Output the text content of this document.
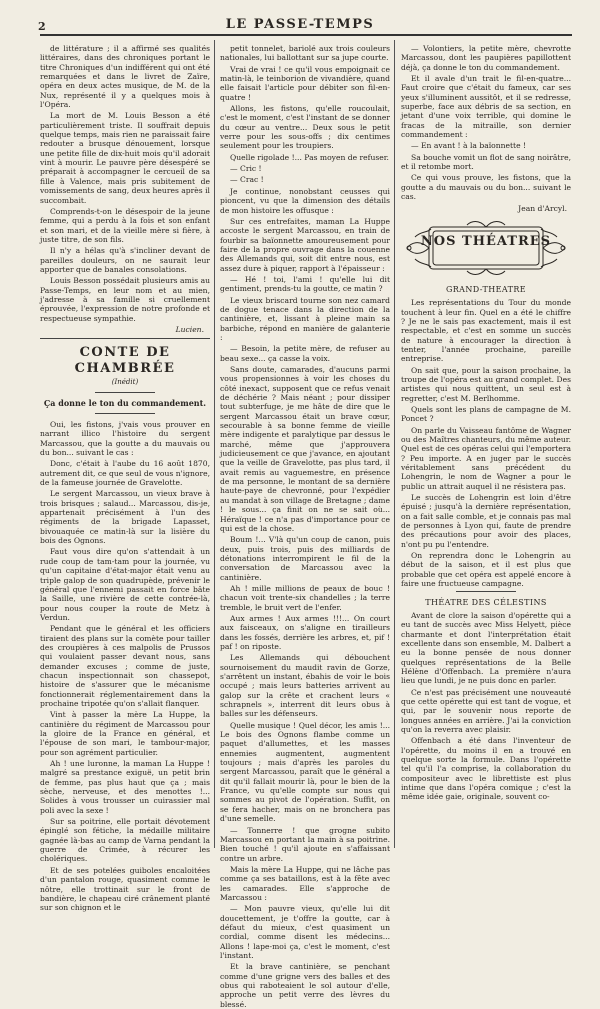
2	LE PASSE-TEMPS

de littérature ; il a affirmé ses qualités littéraires, dans des chroniques portant le titre Chroniques d'un indifférent qui ont été remarquées et dans le livret de Zaïre, opéra en deux actes musique, de M. de la Nux, représenté il y a quelques mois à l'Opéra.

La mort de M. Louis Besson a été particulièrement triste. Il souffrait depuis quelque temps, mais rien ne paraissait faire redouter a brusque dénouement, lorsque une petite fille de dix-huit mois qu'il adorait vint à mourir. Le pauvre père désespéré se préparait à accompagner le cercueil de sa fille à Valence, mais pris subitement de vomissements de sang, deux heures après il succombait.

Comprends-t-on le désespoir de la jeune femme, qui a perdu à la fois et son enfant et son mari, et de la vieille mère si fière, à juste titre, de son fils.

Il n'y a hélas qu'à s'incliner devant de pareilles douleurs, on ne saurait leur apporter que de banales consolations.

Louis Besson possédait plusieurs amis au Passe-Temps, en leur nom et au mien, j'adresse à sa famille si cruellement éprouvée, l'expression de notre profonde et respectueuse sympathie.

Lucien.

CONTE DE CHAMBRÉE

(Inédit)

Ça donne le ton du commandement.

Oui, les fistons, j'vais vous prouver en narrant illico l'histoire du sergent Marcassou, que la goutte a du mauvais ou du bon... suivant le cas :

Donc, c'était à l'aube du 16 août 1870, autrement dit, ce que seul de vous n'ignore, de la fameuse journée de Gravelotte.

Le sergent Marcassou, un vieux brave à trois brisques ; salaud... Marcassou, dis-je, appartenait précisément à l'un des régiments de la brigade Lapasset, bivouaquée ce matin-là sur la lisière du bois des Ognons.

Faut vous dire qu'on s'attendait à un rude coup de tam-tam pour la journée, vu qu'un capitaine d'état-major était venu au triple galop de son quadrupède, prévenir le général que l'ennemi passait en force bâte la Saille, une rivière de cette contrée-là, pour nous couper la route de Metz à Verdun.

Pendant que le général et les officiers tiraient des plans sur la comète pour tailler des croupières à ces malpolis de Prussos qui voulaient passer devant nous, sans demander excuses ; comme de juste, chacun inspectionnait son chassepot, histoire de s'assurer que le mécanisme fonctionnerait réglementairement dans la prochaine tripotée qu'on s'allait flanquer.

Vint à passer la mère La Huppe, la cantinière du régiment de Marcassou pour la gloire de la France en général, et l'épouse de son mari, le tambour-major, pour son agrément particulier.

Ah ! une luronne, la maman La Huppe ! malgré sa prestance exiguë, un petit brin de femme, pas plus haut que ça ; mais sèche, nerveuse, et des menottes !... Solides à vous trousser un cuirassier mal poli avec la sexe !

Sur sa poitrine, elle portait dévotement épinglé son fétiche, la médaille militaire gagnée là-bas au camp de Varna pendant la guerre de Crimée, à récurer les cholériques.

Et de ses potelées guiboles encaloitées d'un pantalon rouge, quasiment comme le nôtre, elle trottinait sur le front de bandière, le chapeau ciré crânement planté sur son chignon et le

petit tonnelet, bariolé aux trois couleurs nationales, lui ballottant sur sa jupe courte.

Vrai de vrai ! ce qu'il vous empoignait ce matin-là, le teinborion de vivandière, quand elle faisait l'article pour débiter son fil-en-quatre !

Allons, les fistons, qu'elle roucoulait, c'est le moment, c'est l'instant de se donner du cœur au ventre... Deux sous le petit verre pour les sous-offs ; dix centimes seulement pour les troupiers.

Quelle rigolade !... Pas moyen de refuser.

— Cric !

— Crac !

Je continue, nonobstant ceusses qui pioncent, vu que la dimension des détails de mon histoire les offusque :

Sur ces entrefaites, maman La Huppe accoste le sergent Marcassou, en train de fourbir sa baïonnette amoureusement pour faire de la propre ouvrage dans la couenne des Allemands qui, soit dit entre nous, est assez dure à piquer, rapport à l'épaisseur :

— Hé ! toi, l'ami ! qu'elle lui dit gentiment, prends-tu la goutte, ce matin ?

Le vieux briscard tourne son nez camard de dogue tenace dans la direction de la cantinière, et, lissant à pleine main sa barbiche, répond en manière de galanterie :

— Besoin, la petite mère, de refuser au beau sexe... ça casse la voix.

Sans doute, camarades, d'aucuns parmi vous propensionnes à voir les choses du côté inexact, supposent que ce refus venait de déchérie ? Mais néant ; pour dissiper tout subterfuge, je me hâte de dire que le sergent Marcassou était un brave cœur, secourable à sa bonne femme de vieille mère indigente et paralytique par dessus le marché, même que j'approuvera judicieusement ce que j'avance, en ajoutant que la veille de Gravelotte, pas plus tard, il avait remis au vaguemestre, en présence de ma personne, le montant de sa dernière haute-paye de chevronné, pour l'expédier au mandat à son village de Bretagne ; dame ! le sous... ça finit on ne se sait où... Héraïque ! ce n'a pas d'importance pour ce qui est de la chose.

Boum !... V'là qu'un coup de canon, puis deux, puis trois, puis des milliards de détonations interrompirent le fil de la conversation de Marcassou avec la cantinière.

Ah ! mille millions de peaux de bouc ! chacun voit trente-six chandelles ; la terre tremble, le bruit vert de l'enfer.

Aux armes ! Aux armes !!!... On court aux faisceaux, on s'aligne en tirailleurs dans les fossés, derrière les arbres, et, pif ! paf ! on riposte.

Les Allemands qui débouchent sournoisement du maudit ravin de Gorze, s'arrêtent un instant, ébahis de voir le bois occupé ; mais leurs batteries arrivent au galop sur la crête et crachent leurs « schrapnels », interrent dit leurs obus à balles sur les défenseurs.

Quelle musique ! Quel décor, les amis !... Le bois des Ognons flambe comme un paquet d'allumettes, et les masses ennemies augmentent, augmentent toujours ; mais d'après les paroles du sergent Marcassou, paraît que le général a dit qu'il fallait mourir là, pour le bien de la France, vu qu'elle compte sur nous qui sommes au pivot de l'opération. Suffit, on se fera hacher, mais on ne bronchera pas d'une semelle.

— Tonnerre ! que grogne subito Marcassou en portant la main à sa poitrine. Bien touché ! qu'il ajoute en s'affaissant contre un arbre.

Mais la mère La Huppe, qui ne lâche pas comme ça ses bataillons, est à la fête avec les camarades. Elle s'approche de Marcassou :

— Mon pauvre vieux, qu'elle lui dit doucettement, je t'offre la goutte, car à défaut du mieux, c'est quasiment un cordial, comme disent les médecins... Allons ! lape-moi ça, c'est le moment, c'est l'instant.

Et la brave cantinière, se penchant comme d'une grigne vers des balles et des obus qui raboteaient le sol autour d'elle, approche un petit verre des lèvres du blessé.

— Volontiers, la petite mère, chevrotte Marcassou, dont les paupières papillottent déjà, ça donne le ton du commandement.

Et il avale d'un trait le fil-en-quatre... Faut croire que c'était du fameux, car ses yeux s'illuminent aussitôt, et il se redresse, superbe, face aux débris de sa section, en jetant d'une voix terrible, qui domine le fracas de la mitraille, son dernier commandement :

— En avant ! à la baïonnette !

Sa bouche vomit un flot de sang noirâtre, et il retombe mort.

Ce qui vous prouve, les fistons, que la goutte a du mauvais ou du bon... suivant le cas.

Jean d'Arcyl.

NOS THÉATRES

GRAND-THEATRE

Les représentations du Tour du monde touchent à leur fin. Quel en a été le chiffre ? Je ne le sais pas exactement, mais il est respectable, et c'est en somme un succès de nature à encourager la direction à tenter, l'année prochaine, pareille entreprise.

On sait que, pour la saison prochaine, la troupe de l'opéra est au grand complet. Des artistes qui nous quittent, un seul est à regretter, c'est M. Berlhomme.

Quels sont les plans de campagne de M. Poncet ?

On parle du Vaisseau fantôme de Wagner ou des Maîtres chanteurs, du même auteur. Quel est de ces opéras celui qui l'emportera ? Peu importe. A en juger par le succès véritablement sans précédent du Lohengrin, le nom de Wagner a pour le public un attrait auquel il ne résistera pas.

Le succès de Lohengrin est loin d'être épuisé ; jusqu'à la dernière représentation, on a fait salle comble, et je connais pas mal de personnes à Lyon qui, faute de prendre des précautions pour avoir des places, n'ont pu pu l'entendre.

On reprendra donc le Lohengrin au début de la saison, et il est plus que probable que cet opéra est appelé encore à faire une fructueuse campagne.

THÉATRE DES CÉLESTINS

Avant de clore la saison d'opérette qui a eu tant de succès avec Miss Helyett, pièce charmante et dont l'interprétation était excellente dans son ensemble, M. Dalbert a eu la bonne pensée de nous donner quelques représentations de la Belle Hélène d'Offenbach. La première n'aura lieu que lundi, je ne puis donc en parler.

Ce n'est pas précisément une nouveauté que cette opérette qui est tant de vogue, et qui, par le souvenir nous reporte de longues années en arrière. J'ai la conviction qu'on la reverra avec plaisir.

Offenbach a été dans l'inventeur de l'opérette, du moins il en a trouvé en quelque sorte la formule. Dans l'opérette tel qu'il l'a comprise, la collaboration du compositeur avec le librettiste est plus intime que dans l'opéra comique ; c'est la même idée gaie, originale, souvent co-
